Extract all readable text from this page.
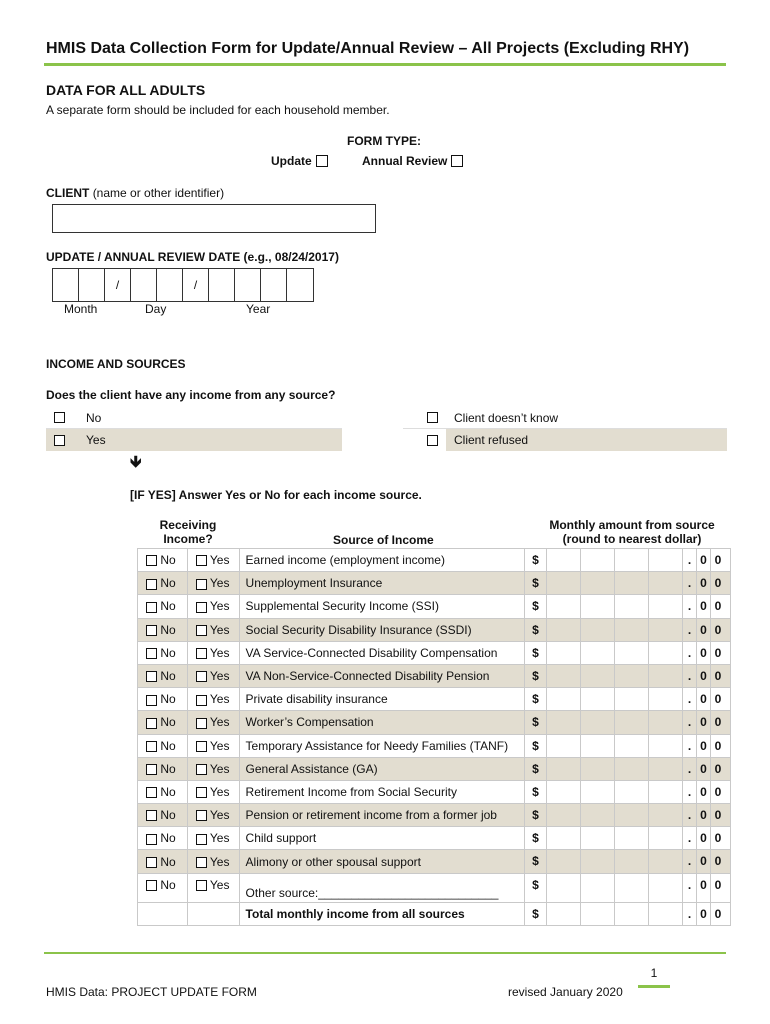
HMIS Data Collection Form for Update/Annual Review – All Projects (Excluding RHY)
DATA FOR ALL ADULTS
A separate form should be included for each household member.
FORM TYPE:
Update	Annual Review
CLIENT (name or other identifier)
UPDATE / ANNUAL REVIEW DATE (e.g., 08/24/2017)
/	/
Month	Day	Year
INCOME AND SOURCES
Does the client have any income from any source?
No
Yes
Client doesn’t know
Client refused
🡻
[IF YES] Answer Yes or No for each income source.
Receiving
Income?	Source of Income
Monthly amount from source
(round to nearest dollar)
No	Yes	Earned income (employment income)	$ . 0 0

No	Yes	Unemployment Insurance	$ . 0 0

No	Yes	Supplemental Security Income (SSI)	$ . 0 0

No	Yes	Social Security Disability Insurance (SSDI)	$ . 0 0

No	Yes	VA Service-Connected Disability Compensation	$ . 0 0

No	Yes	VA Non-Service-Connected Disability Pension	$ . 0 0

No	Yes	Private disability insurance	$ . 0 0

No	Yes	Worker’s Compensation	$ . 0 0

No	Yes	Temporary Assistance for Needy Families (TANF)	$ . 0 0

No	Yes	General Assistance (GA)	$ . 0 0

No	Yes	Retirement Income from Social Security	$ . 0 0

No	Yes	Pension or retirement income from a former job	$ . 0 0

No	Yes	Child support	$ . 0 0

No	Yes	Alimony or other spousal support	$ . 0 0

No	Yes	Other source:___________________________	$ . 0 0

		Total monthly income from all sources	$ . 0 0
1
HMIS Data: PROJECT UPDATE FORM	revised January 2020
